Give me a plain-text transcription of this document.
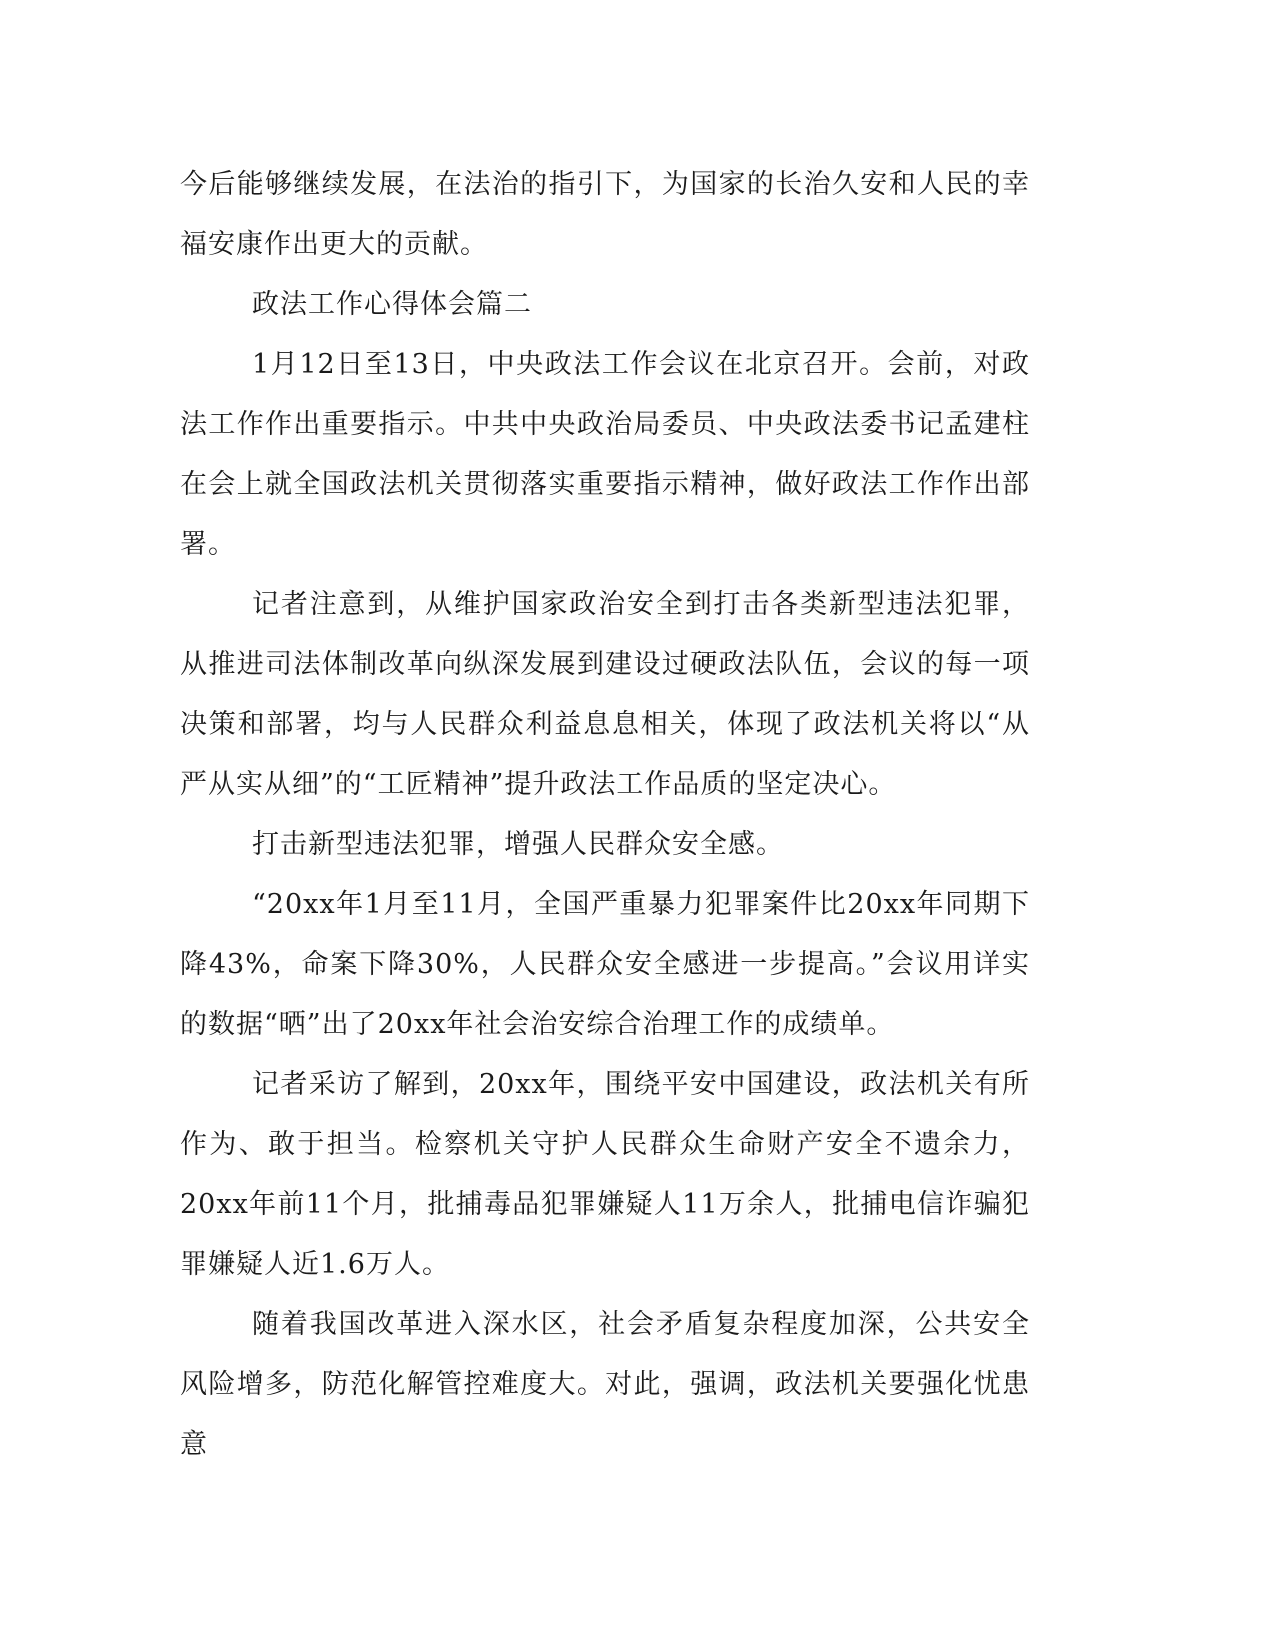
今后能够继续发展，在法治的指引下，为国家的长治久安和人民的幸福安康作出更大的贡献。

政法工作心得体会篇二

1月12日至13日，中央政法工作会议在北京召开。会前，对政法工作作出重要指示。中共中央政治局委员、中央政法委书记孟建柱在会上就全国政法机关贯彻落实重要指示精神，做好政法工作作出部署。

记者注意到，从维护国家政治安全到打击各类新型违法犯罪，从推进司法体制改革向纵深发展到建设过硬政法队伍，会议的每一项决策和部署，均与人民群众利益息息相关，体现了政法机关将以“从严从实从细”的“工匠精神”提升政法工作品质的坚定决心。

打击新型违法犯罪，增强人民群众安全感。

“20xx年1月至11月，全国严重暴力犯罪案件比20xx年同期下降43%，命案下降30%，人民群众安全感进一步提高。”会议用详实的数据“晒”出了20xx年社会治安综合治理工作的成绩单。

记者采访了解到，20xx年，围绕平安中国建设，政法机关有所作为、敢于担当。检察机关守护人民群众生命财产安全不遗余力，20xx年前11个月，批捕毒品犯罪嫌疑人11万余人，批捕电信诈骗犯罪嫌疑人近1.6万人。

随着我国改革进入深水区，社会矛盾复杂程度加深，公共安全风险增多，防范化解管控难度大。对此，强调，政法机关要强化忧患意
